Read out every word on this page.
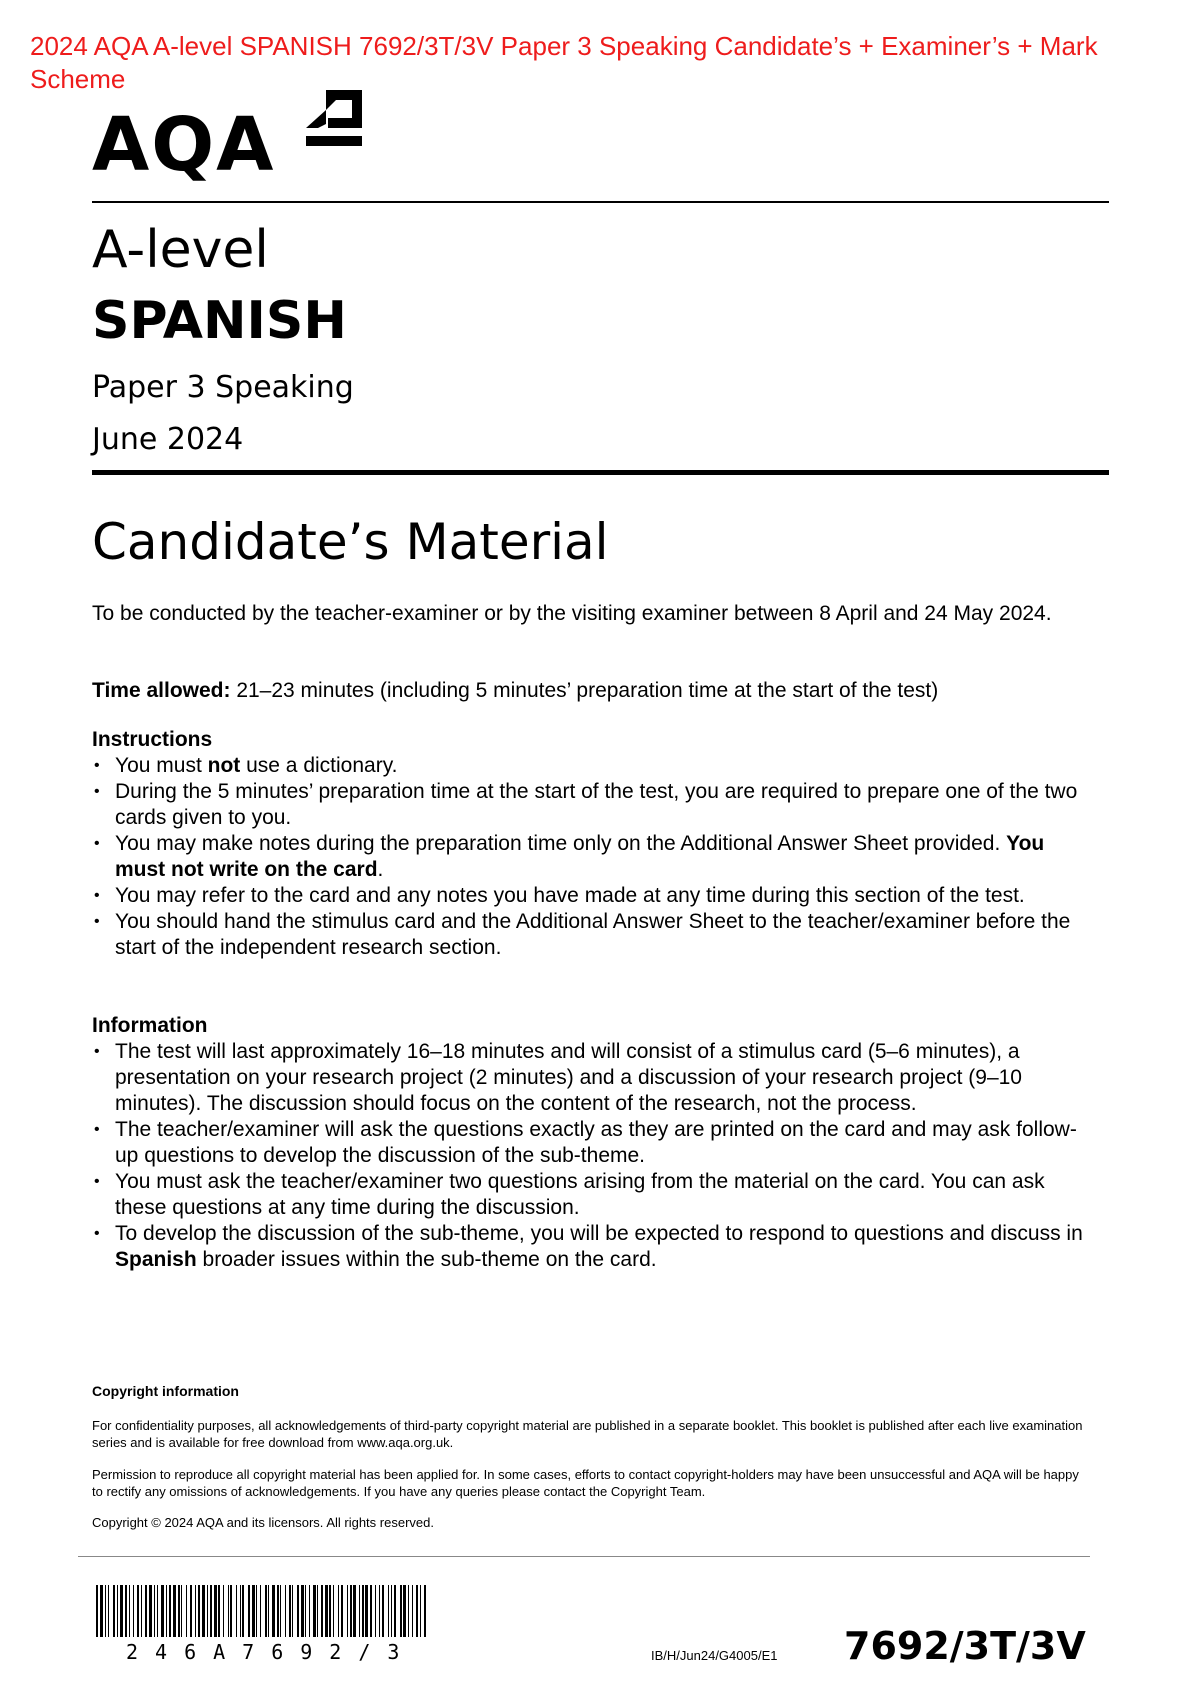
2024 AQA A-level SPANISH 7692/3T/3V Paper 3 Speaking Candidate’s + Examiner’s + Mark Scheme
AQA
A-level
SPANISH
Paper 3 Speaking
June 2024
Candidate’s Material
To be conducted by the teacher-examiner or by the visiting examiner between 8 April and 24 May 2024.
Time allowed: 21–23 minutes (including 5 minutes’ preparation time at the start of the test)
Instructions
• You must not use a dictionary.
• During the 5 minutes’ preparation time at the start of the test, you are required to prepare one of the two cards given to you.
• You may make notes during the preparation time only on the Additional Answer Sheet provided. You must not write on the card.
• You may refer to the card and any notes you have made at any time during this section of the test.
• You should hand the stimulus card and the Additional Answer Sheet to the teacher/examiner before the start of the independent research section.
Information
• The test will last approximately 16–18 minutes and will consist of a stimulus card (5–6 minutes), a presentation on your research project (2 minutes) and a discussion of your research project (9–10 minutes). The discussion should focus on the content of the research, not the process.
• The teacher/examiner will ask the questions exactly as they are printed on the card and may ask follow-up questions to develop the discussion of the sub-theme.
• You must ask the teacher/examiner two questions arising from the material on the card. You can ask these questions at any time during the discussion.
• To develop the discussion of the sub-theme, you will be expected to respond to questions and discuss in Spanish broader issues within the sub-theme on the card.
Copyright information
For confidentiality purposes, all acknowledgements of third-party copyright material are published in a separate booklet. This booklet is published after each live examination series and is available for free download from www.aqa.org.uk.
Permission to reproduce all copyright material has been applied for. In some cases, efforts to contact copyright-holders may have been unsuccessful and AQA will be happy to rectify any omissions of acknowledgements. If you have any queries please contact the Copyright Team.
Copyright © 2024 AQA and its licensors. All rights reserved.
246A7692/3	IB/H/Jun24/G4005/E1 7692/3T/3V
